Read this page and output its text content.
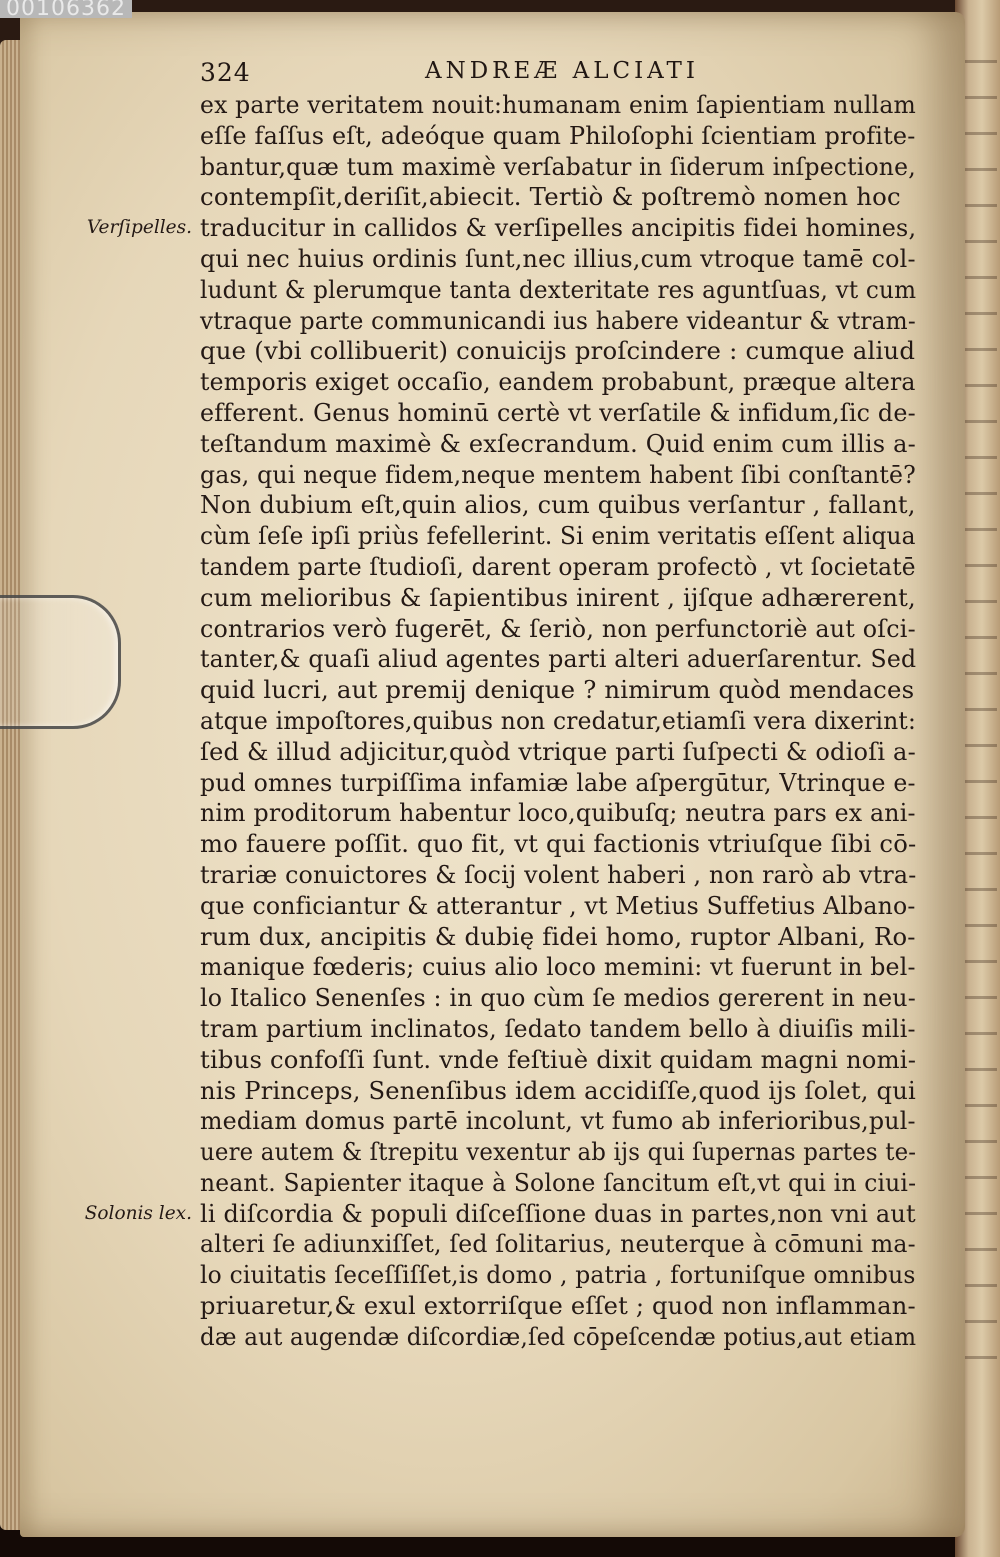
00106362
324	ANDREÆ ALCIATI
ex parte veritatem nouit:humanam enim ſapientiam nullam
eſſe faſſus eſt, adeóque quam Philoſophi ſcientiam profite-
bantur,quæ tum maximè verſabatur in ſiderum inſpectione,
contempſit,deriſit,abiecit. Tertiò & poſtremò nomen hoc
traducitur in callidos & verſipelles ancipitis fidei homines,
qui nec huius ordinis ſunt,nec illius,cum vtroque tamē col-
ludunt & plerumque tanta dexteritate res aguntſuas, vt cum
vtraque parte communicandi ius habere videantur & vtram-
que (vbi collibuerit) conuicijs proſcindere : cumque aliud
temporis exiget occaſio, eandem probabunt, præque altera
efferent. Genus hominū certè vt verſatile & infidum,ſic de-
teſtandum maximè & exſecrandum. Quid enim cum illis a-
gas, qui neque fidem,neque mentem habent ſibi conſtantē?
Non dubium eſt,quin alios, cum quibus verſantur , fallant,
cùm ſeſe ipſi priùs fefellerint. Si enim veritatis eſſent aliqua
tandem parte ſtudioſi, darent operam profectò , vt ſocietatē
cum melioribus & ſapientibus inirent , ijſque adhærerent,
contrarios verò fugerēt, & ſeriò, non perfunctoriè aut oſci-
tanter,& quaſi aliud agentes parti alteri aduerſarentur. Sed
quid lucri, aut premij denique ? nimirum quòd mendaces
atque impoſtores,quibus non credatur,etiamſi vera dixerint:
ſed & illud adjicitur,quòd vtrique parti ſuſpecti & odioſi a-
pud omnes turpiſſima infamiæ labe aſpergūtur, Vtrinque e-
nim proditorum habentur loco,quibuſq; neutra pars ex ani-
mo fauere poſſit. quo fit, vt qui factionis vtriuſque ſibi cō-
trariæ conuictores & ſocij volent haberi , non rarò ab vtra-
que conficiantur & atterantur , vt Metius Suffetius Albano-
rum dux, ancipitis & dubię fidei homo, ruptor Albani, Ro-
manique fœderis; cuius alio loco memini: vt fuerunt in bel-
lo Italico Senenſes : in quo cùm ſe medios gererent in neu-
tram partium inclinatos, ſedato tandem bello à diuiſis mili-
tibus confoſſi ſunt. vnde feſtiuè dixit quidam magni nomi-
nis Princeps, Senenſibus idem accidiſſe,quod ijs ſolet, qui
mediam domus partē incolunt, vt fumo ab inferioribus,pul-
uere autem & ſtrepitu vexentur ab ijs qui ſupernas partes te-
neant. Sapienter itaque à Solone ſancitum eſt,vt qui in ciui-
li diſcordia & populi diſceſſione duas in partes,non vni aut
alteri ſe adiunxiſſet, ſed ſolitarius, neuterque à cōmuni ma-
lo ciuitatis ſeceſſiſſet,is domo , patria , fortuniſque omnibus
priuaretur,& exul extorriſque eſſet ; quod non inflamman-
dæ aut augendæ diſcordiæ,ſed cōpeſcendæ potius,aut etiam
Verſipelles.
Solonis lex.
